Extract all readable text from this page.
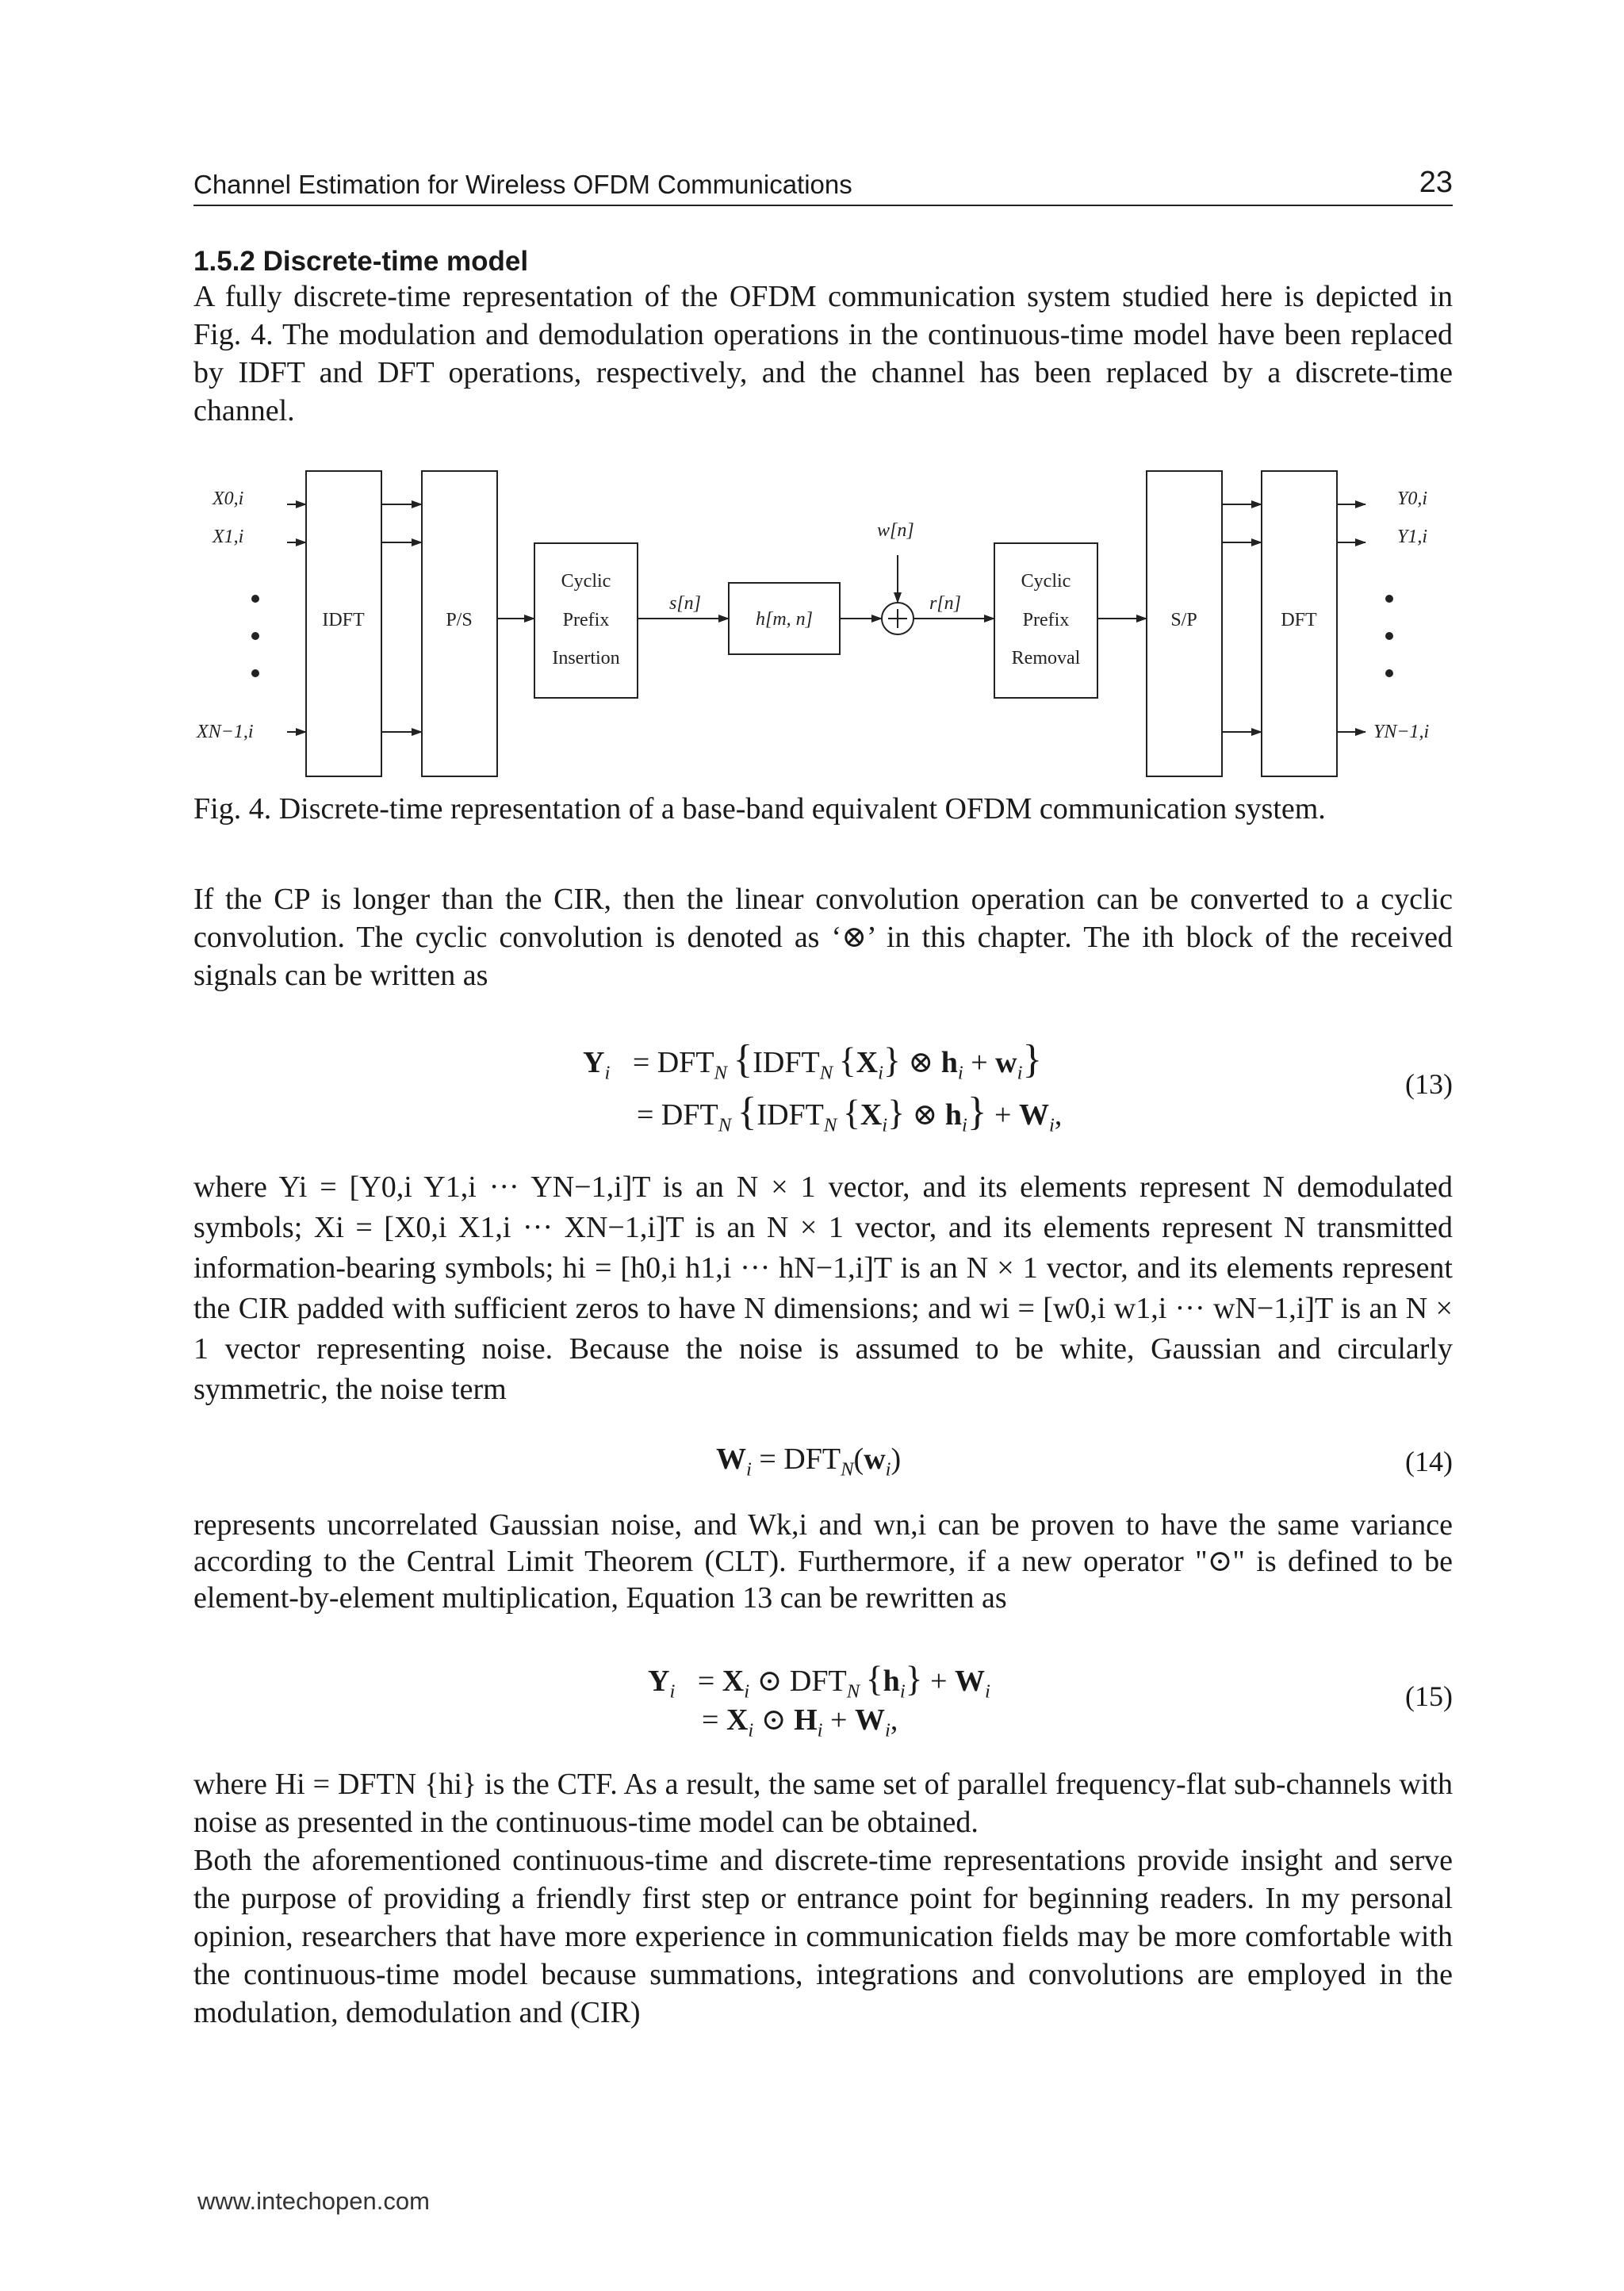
Channel Estimation for Wireless OFDM Communications	23
1.5.2 Discrete-time model

A fully discrete-time representation of the OFDM communication system studied here is depicted in Fig. 4. The modulation and demodulation operations in the continuous-time model have been replaced by IDFT and DFT operations, respectively, and the channel has been replaced by a discrete-time channel.

X0,i
X1,i
XN−1,i
Y0,i
Y1,i
YN−1,i
s[n]	r[n]
w[n]
h[m, n]
IDFT	P/S
Cyclic
Prefix
Insertion
Cyclic
Prefix
Removal
S/P	DFT

Fig. 4. Discrete-time representation of a base-band equivalent OFDM communication system.

If the CP is longer than the CIR, then the linear convolution operation can be converted to a cyclic convolution. The cyclic convolution is denoted as ‘⊗’ in this chapter. The ith block of the received signals can be written as

$Y_i = DFT_N$  {$IDFT_N$  $\{X_i\}$ ⊗ $h_i + w_i$}
= $DFT_N$  {$IDFT_N$  $\{X_i\}$ ⊗ $h_i\} + W_i$,
(13)

where Yi = [Y0,i Y1,i ··· YN−1,i]T is an N × 1 vector, and its elements represent N demodulated symbols; Xi = [X0,i X1,i ··· XN−1,i]T is an N × 1 vector, and its elements represent N transmitted information-bearing symbols; hi = [h0,i h1,i ··· hN−1,i]T is an N × 1 vector, and its elements represent the CIR padded with sufficient zeros to have N dimensions; and wi = [w0,i w1,i ··· wN−1,i]T is an N × 1 vector representing noise. Because the noise is assumed to be white, Gaussian and circularly symmetric, the noise term

$W_i = DFT_N(w_i)$	(14)

represents uncorrelated Gaussian noise, and Wk,i and wn,i can be proven to have the same variance according to the Central Limit Theorem (CLT). Furthermore, if a new operator "⊙" is defined to be element-by-element multiplication, Equation 13 can be rewritten as

$Y_i = X_i$ ⊙ $DFT_N$  $\{h_i\} + W_i$
= $X_i$ ⊙ $H_i + W_i$,
(15)

where Hi = DFTN {hi} is the CTF. As a result, the same set of parallel frequency-flat sub-channels with noise as presented in the continuous-time model can be obtained.

Both the aforementioned continuous-time and discrete-time representations provide insight and serve the purpose of providing a friendly first step or entrance point for beginning readers. In my personal opinion, researchers that have more experience in communication fields may be more comfortable with the continuous-time model because summations, integrations and convolutions are employed in the modulation, demodulation and (CIR)

www.intechopen.com
